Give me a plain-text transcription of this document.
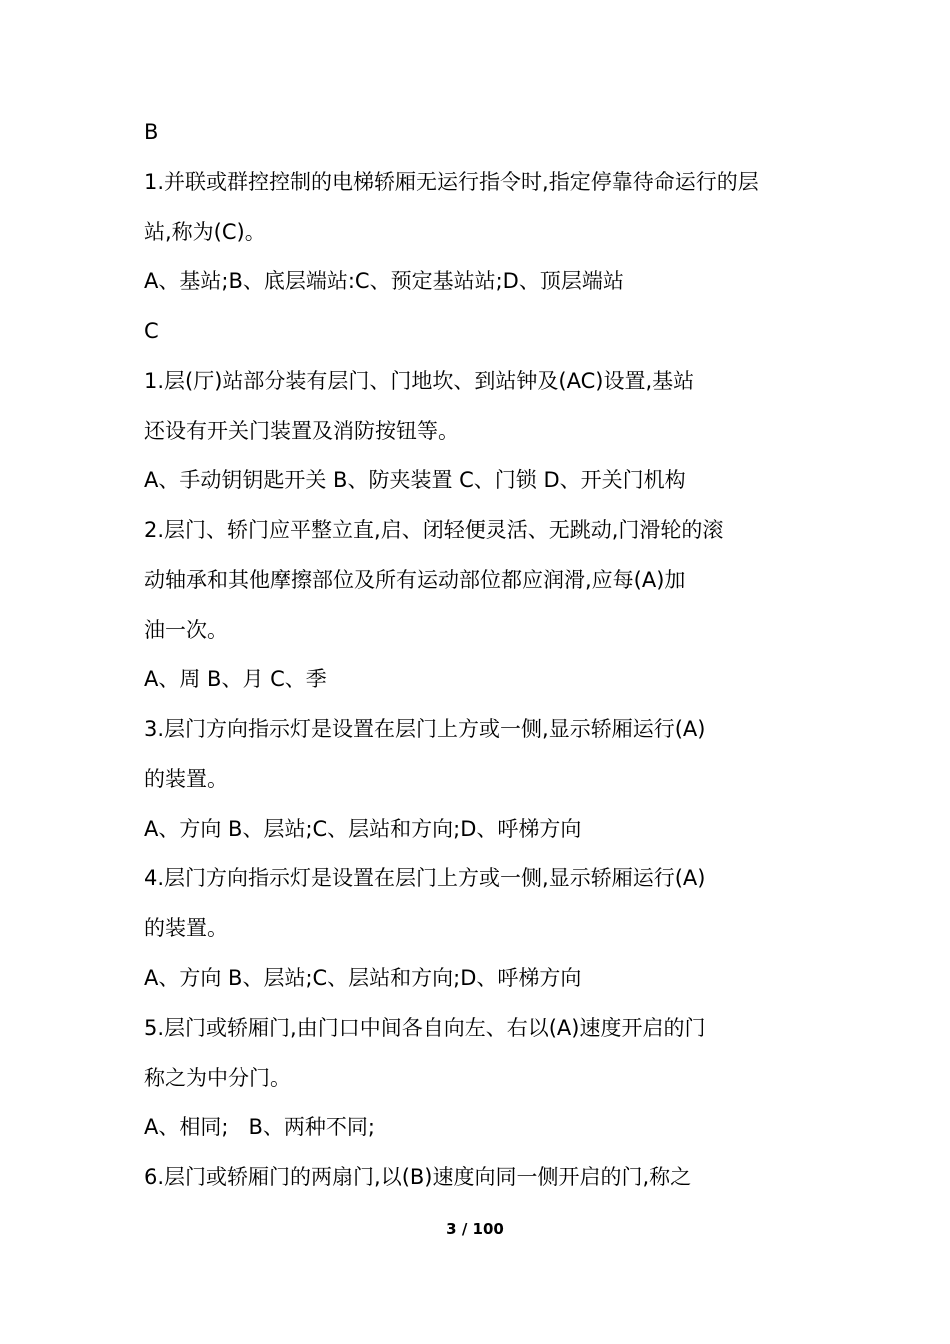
B
1.并联或群控控制的电梯轿厢无运行指令时,指定停靠待命运行的层
站,称为(C)。
A、基站;B、底层端站:C、预定基站站;D、顶层端站
C
1.层(厅)站部分装有层门、门地坎、到站钟及(AC)设置,基站
还设有开关门装置及消防按钮等。
A、手动钥钥匙开关 B、防夹装置 C、门锁 D、开关门机构
2.层门、轿门应平整立直,启、闭轻便灵活、无跳动,门滑轮的滚
动轴承和其他摩擦部位及所有运动部位都应润滑,应每(A)加
油一次。
A、周 B、月 C、季
3.层门方向指示灯是设置在层门上方或一侧,显示轿厢运行(A)
的装置。
A、方向 B、层站;C、层站和方向;D、呼梯方向
4.层门方向指示灯是设置在层门上方或一侧,显示轿厢运行(A)
的装置。
A、方向 B、层站;C、层站和方向;D、呼梯方向
5.层门或轿厢门,由门口中间各自向左、右以(A)速度开启的门
称之为中分门。
A、相同;   B、两种不同;
6.层门或轿厢门的两扇门,以(B)速度向同一侧开启的门,称之
3 / 100
